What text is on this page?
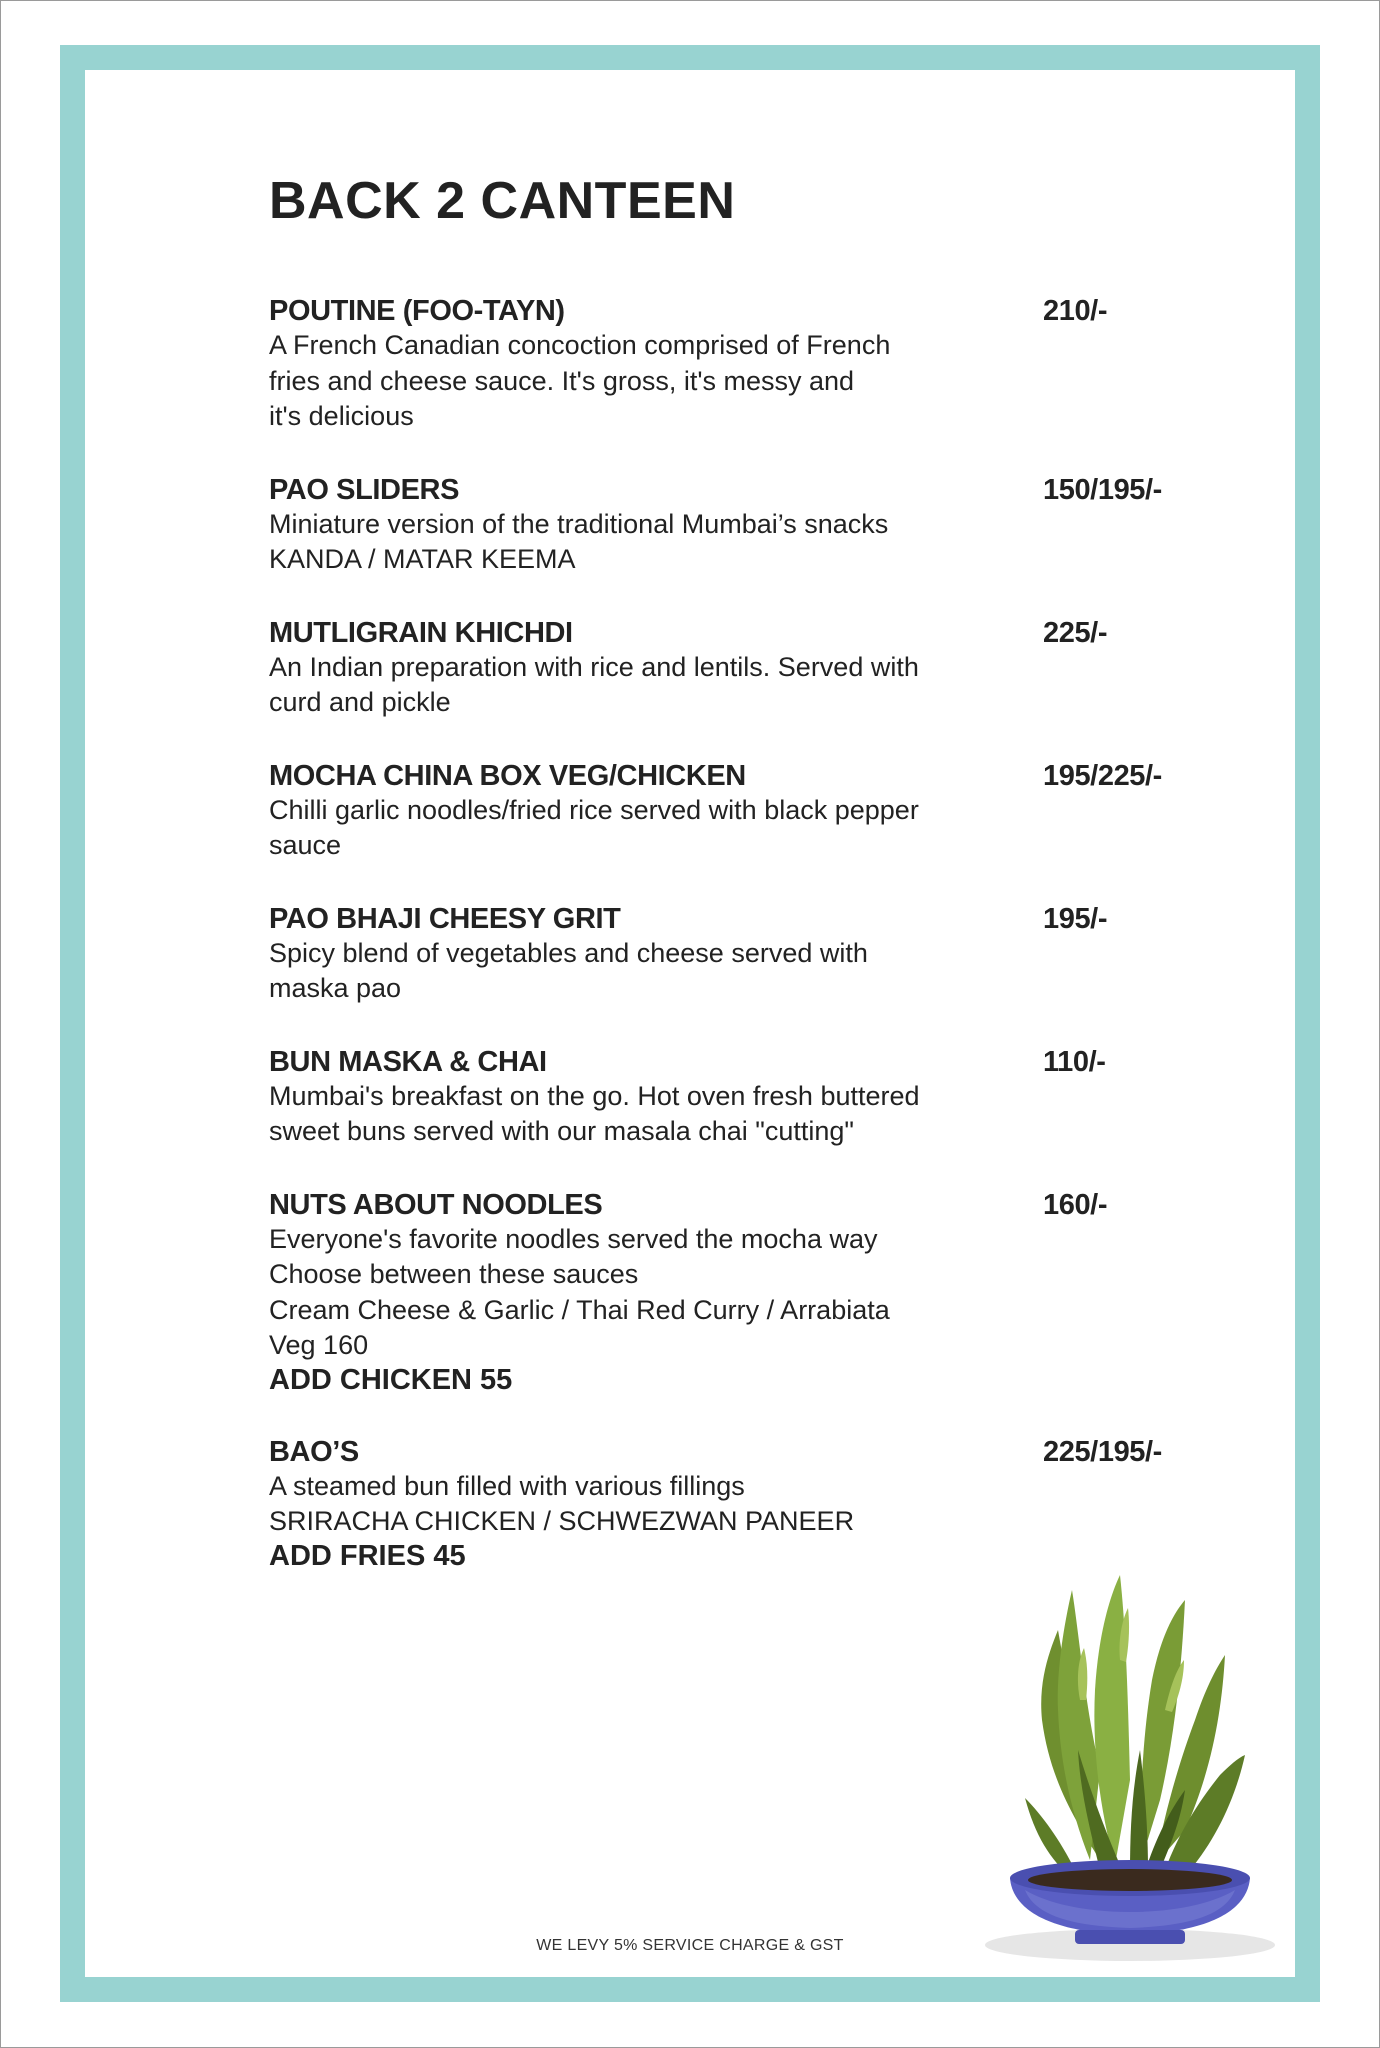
BACK 2 CANTEEN
POUTINE (FOO-TAYN)	210/-
A French Canadian concoction comprised of French
fries and cheese sauce. It's gross, it's messy and
it's delicious
PAO SLIDERS	150/195/-
Miniature version of the traditional Mumbai’s snacks
KANDA / MATAR KEEMA
MUTLIGRAIN KHICHDI	225/-
An Indian preparation with rice and lentils. Served with
curd and pickle
MOCHA CHINA BOX VEG/CHICKEN	195/225/-
Chilli garlic noodles/fried rice served with black pepper
sauce
PAO BHAJI CHEESY GRIT	195/-
Spicy blend of vegetables and cheese served with
maska pao
BUN MASKA & CHAI	110/-
Mumbai's breakfast on the go. Hot oven fresh buttered
sweet buns served with our masala chai "cutting"
NUTS ABOUT NOODLES	160/-
Everyone's favorite noodles served the mocha way
Choose between these sauces
Cream Cheese & Garlic / Thai Red Curry / Arrabiata
Veg 160
ADD CHICKEN 55
BAO’S	225/195/-
A steamed bun filled with various fillings
SRIRACHA CHICKEN / SCHWEZWAN PANEER
ADD FRIES 45
WE LEVY 5% SERVICE CHARGE & GST
